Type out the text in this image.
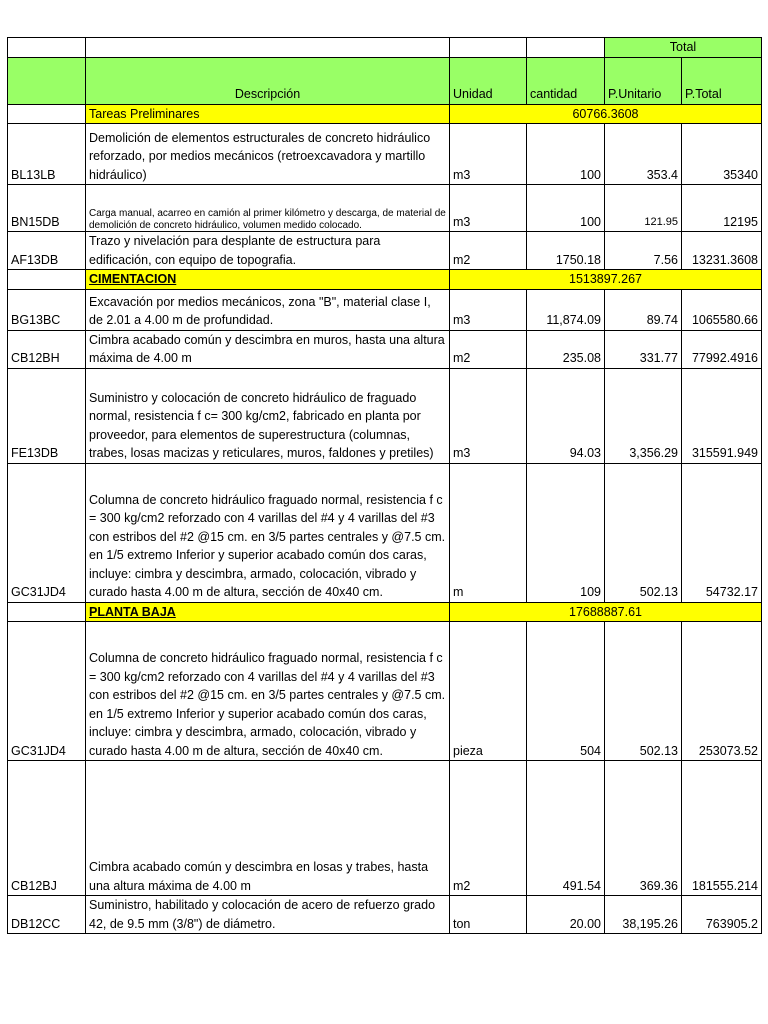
				Total	
	Descripción	Unidad	cantidad	P.Unitario	P.Total
	Tareas Preliminares	60766.3608			
BL13LB	Demolición de elementos estructurales de concreto hidráulico reforzado, por medios mecánicos (retroexcavadora y martillo hidráulico)	m3	100	353.4	35340
BN15DB	Carga manual, acarreo en camión al primer kilómetro y descarga, de material de demolición de concreto hidráulico, volumen medido colocado.	m3	100	121.95	12195
AF13DB	Trazo y nivelación para desplante de estructura para edificación, con equipo de topografia.	m2	1750.18	7.56	13231.3608
	CIMENTACION	1513897.267			
BG13BC	Excavación por medios mecánicos, zona "B", material clase I, de 2.01 a 4.00 m de profundidad.	m3	11,874.09	89.74	1065580.66
CB12BH	Cimbra acabado común y descimbra en muros, hasta una altura máxima de 4.00 m	m2	235.08	331.77	77992.4916
FE13DB	Suministro y colocación de concreto hidráulico de fraguado normal, resistencia f c= 300 kg/cm2, fabricado en planta por proveedor, para elementos de superestructura (columnas, trabes, losas macizas y reticulares, muros, faldones y pretiles)	m3	94.03	3,356.29	315591.949
GC31JD4	Columna de concreto hidráulico fraguado normal, resistencia f c = 300 kg/cm2 reforzado con 4 varillas del #4 y 4 varillas del #3 con estribos del #2 @15 cm. en 3/5 partes centrales y @7.5 cm. en 1/5 extremo Inferior y superior acabado común dos caras, incluye: cimbra y descimbra, armado, colocación, vibrado y curado hasta 4.00 m de altura, sección de 40x40 cm.	m	109	502.13	54732.17
	PLANTA BAJA	17688887.61			
GC31JD4	Columna de concreto hidráulico fraguado normal, resistencia f c = 300 kg/cm2 reforzado con 4 varillas del #4 y 4 varillas del #3 con estribos del #2 @15 cm. en 3/5 partes centrales y @7.5 cm. en 1/5 extremo Inferior y superior acabado común dos caras, incluye: cimbra y descimbra, armado, colocación, vibrado y curado hasta 4.00 m de altura, sección de 40x40 cm.	pieza	504	502.13	253073.52
CB12BJ	Cimbra acabado común y descimbra en losas y trabes, hasta una altura máxima de 4.00 m	m2	491.54	369.36	181555.214
DB12CC	Suministro, habilitado y colocación de acero de refuerzo grado 42, de 9.5 mm (3/8") de diámetro.	ton	20.00	38,195.26	763905.2
